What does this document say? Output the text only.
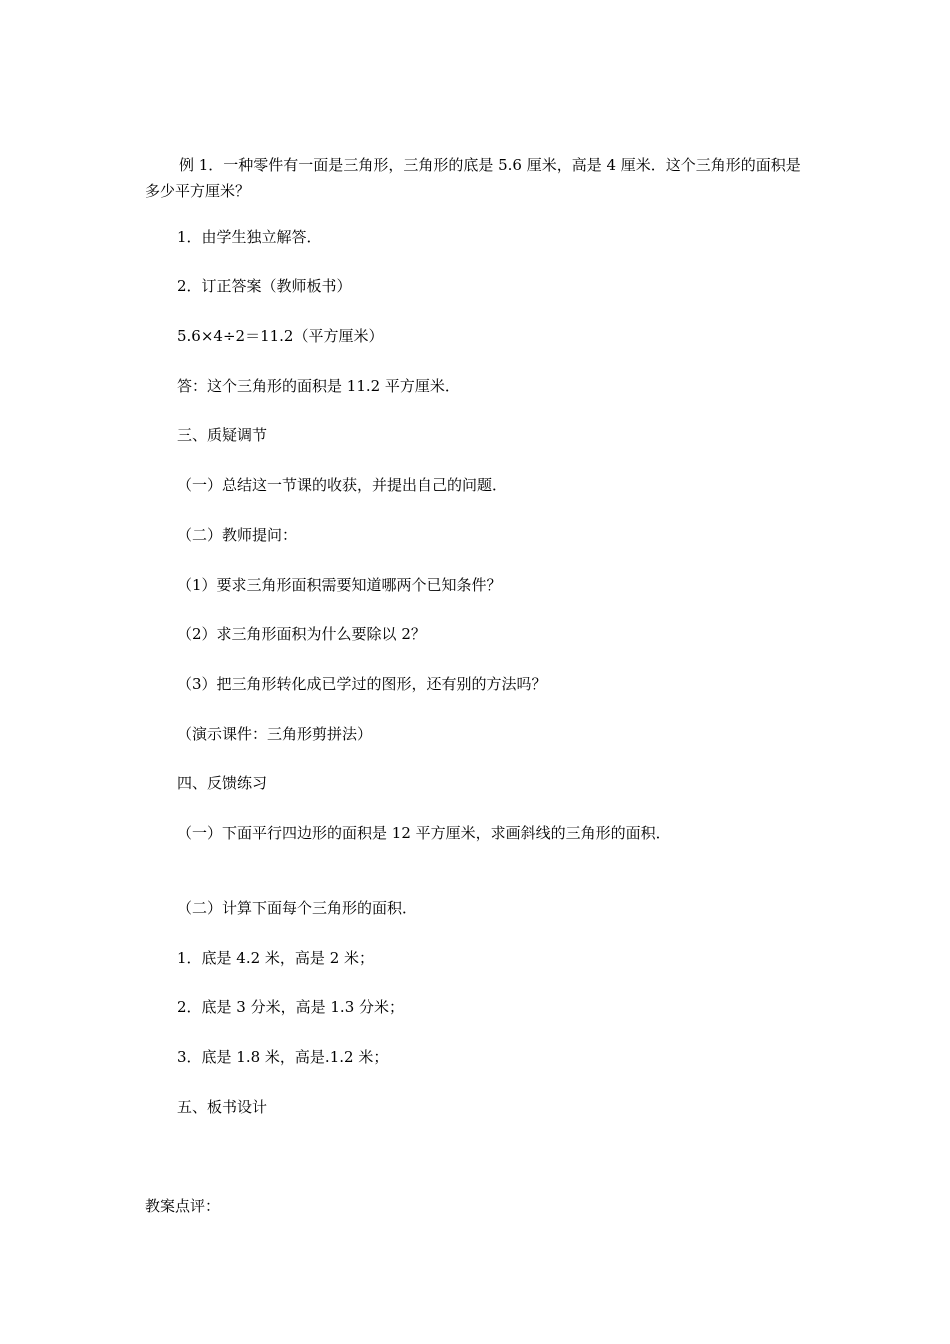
例 1．一种零件有一面是三角形，三角形的底是 5.6 厘米，高是 4 厘米．这个三角形的面积是多少平方厘米？
1．由学生独立解答．
2．订正答案（教师板书）
5.6×4÷2＝11.2（平方厘米）
答：这个三角形的面积是 11.2 平方厘米．
三、质疑调节
（一）总结这一节课的收获，并提出自己的问题．
（二）教师提问：
（1）要求三角形面积需要知道哪两个已知条件？
（2）求三角形面积为什么要除以 2？
（3）把三角形转化成已学过的图形，还有别的方法吗？
（演示课件：三角形剪拼法）
四、反馈练习
（一）下面平行四边形的面积是 12 平方厘米，求画斜线的三角形的面积．
（二）计算下面每个三角形的面积．
1．底是 4.2 米，高是 2 米；
2．底是 3 分米，高是 1.3 分米；
3．底是 1.8 米，高是.1.2 米；
五、板书设计
教案点评：
